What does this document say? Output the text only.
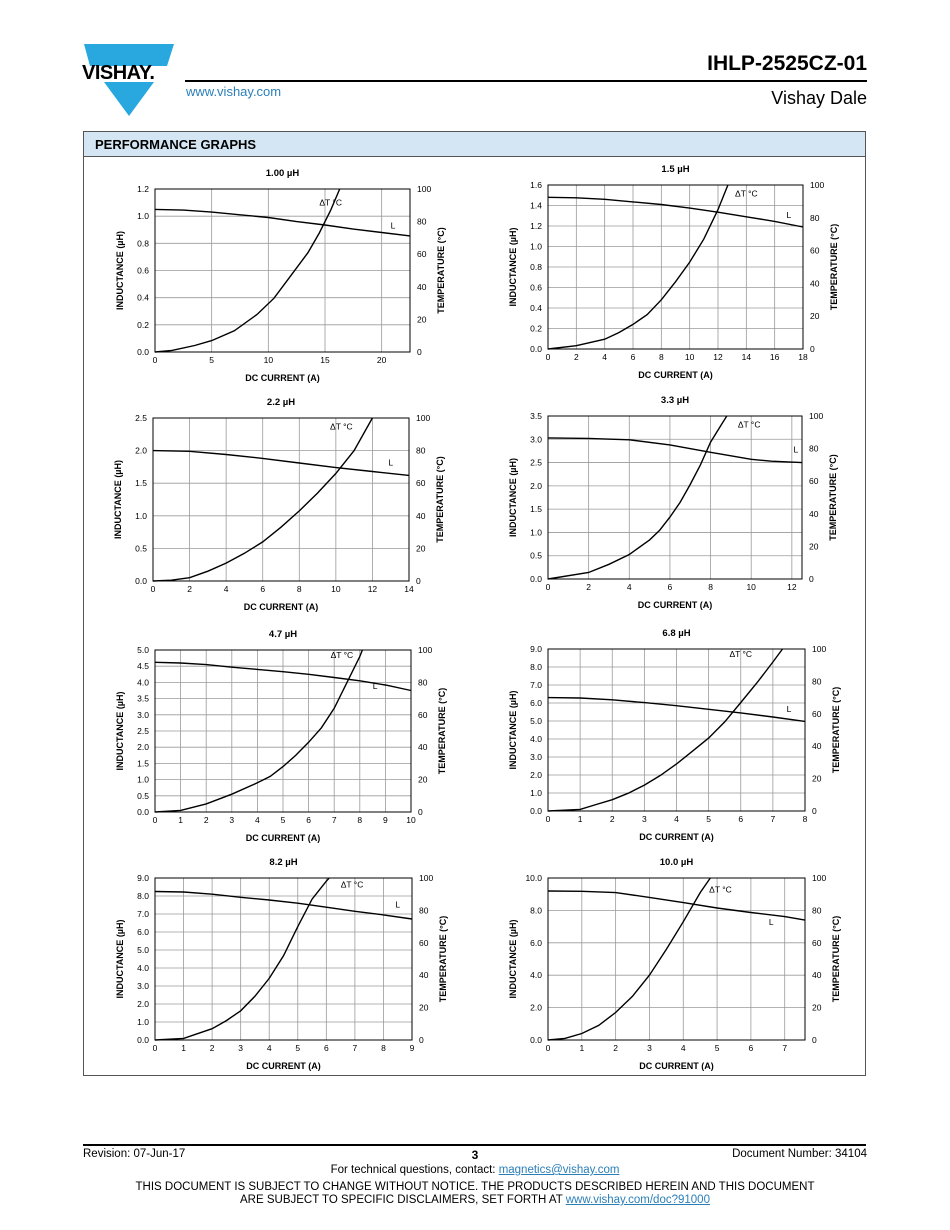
VISHAY.
www.vishay.com
IHLP-2525CZ-01
Vishay Dale
PERFORMANCE GRAPHS
1.00 µH
0	5	10	15	20
0.0
0.2
0.4
0.6
0.8
1.0
1.2
0
20
40
60
80
100
DC CURRENT (A)
INDUCTANCE (µH)	TEMPERATURE (°C)
ΔT °C
L
1.5 µH
0	2	4	6	8 10 12 14 16 18
0.0
0.2
0.4
0.6
0.8
1.0
1.2
1.4
1.6
0
20
40
60
80
100
DC CURRENT (A)
INDUCTANCE (µH)	TEMPERATURE (°C)
ΔT °C
L
2.2 µH
0	2	4	6	8	10	12	14
0.0
0.5
1.0
1.5
2.0
2.5
0
20
40
60
80
100
DC CURRENT (A)
INDUCTANCE (µH)	TEMPERATURE (°C)
ΔT °C
L
3.3 µH
0	2	4	6	8	10	12
0.0
0.5
1.0
1.5
2.0
2.5
3.0
3.5
0
20
40
60
80
100
DC CURRENT (A)
INDUCTANCE (µH)	TEMPERATURE (°C)
ΔT °C
L
4.7 µH
0 1 2 3 4 5 6 7 8 9 10
0.0
0.5
1.0
1.5
2.0
2.5
3.0
3.5
4.0
4.5
5.0
0
20
40
60
80
100
DC CURRENT (A)
INDUCTANCE (µH)	TEMPERATURE (°C)
ΔT °C
L
6.8 µH
0	1	2	3	4	5	6	7	8
0.0
1.0
2.0
3.0
4.0
5.0
6.0
7.0
8.0
9.0
0
20
40
60
80
100
DC CURRENT (A)
INDUCTANCE (µH)	TEMPERATURE (°C)
ΔT °C
L
8.2 µH
0	1	2	3	4	5	6	7	8	9
0.0
1.0
2.0
3.0
4.0
5.0
6.0
7.0
8.0
9.0
0
20
40
60
80
100
DC CURRENT (A)
INDUCTANCE (µH)	TEMPERATURE (°C)
ΔT °C
L
10.0 µH
0	1	2	3	4	5	6	7
0.0
2.0
4.0
6.0
8.0
10.0
0
20
40
60
80
100
DC CURRENT (A)
INDUCTANCE (µH)	TEMPERATURE (°C)
ΔT °C
L
Revision: 07-Jun-17	3	Document Number: 34104
For technical questions, contact: magnetics@vishay.com
THIS DOCUMENT IS SUBJECT TO CHANGE WITHOUT NOTICE. THE PRODUCTS DESCRIBED HEREIN AND THIS DOCUMENT
ARE SUBJECT TO SPECIFIC DISCLAIMERS, SET FORTH AT www.vishay.com/doc?91000
